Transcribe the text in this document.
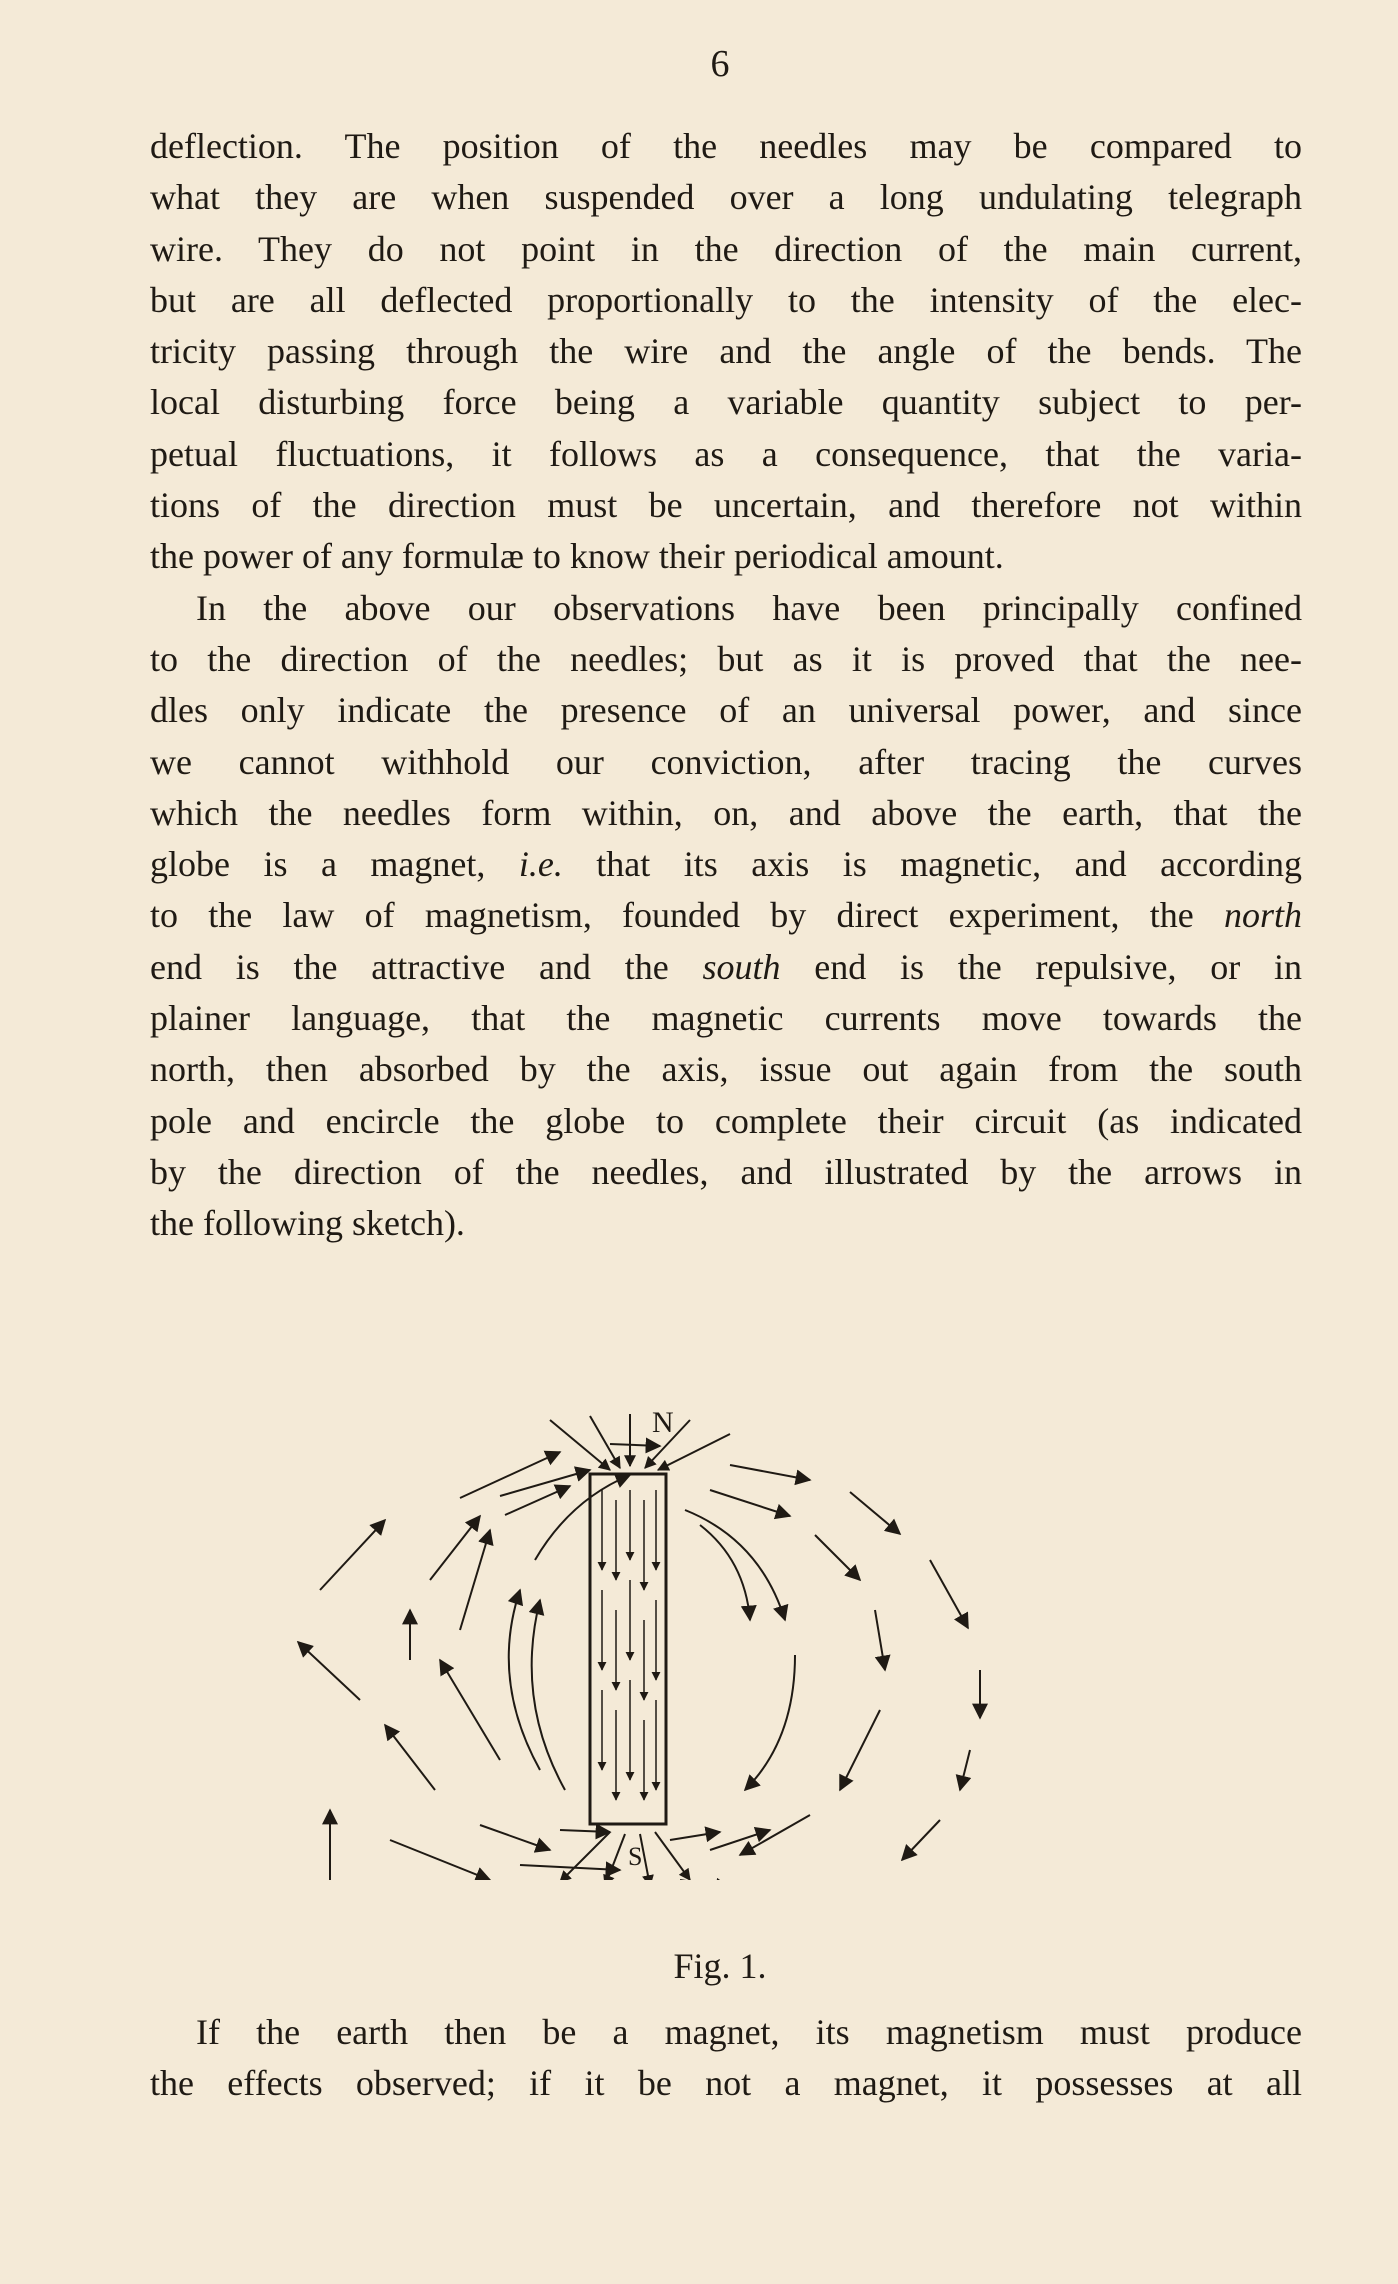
6
deflection. The position of the needles may be compared to
what they are when suspended over a long undulating telegraph
wire. They do not point in the direction of the main current,
but are all deflected proportionally to the intensity of the elec-
tricity passing through the wire and the angle of the bends. The
local disturbing force being a variable quantity subject to per-
petual fluctuations, it follows as a consequence, that the varia-
tions of the direction must be uncertain, and therefore not within
the power of any formulæ to know their periodical amount.
In the above our observations have been principally confined
to the direction of the needles; but as it is proved that the nee-
dles only indicate the presence of an universal power, and since
we cannot withhold our conviction, after tracing the curves
which the needles form within, on, and above the earth, that the
globe is a magnet, i.e. that its axis is magnetic, and according
to the law of magnetism, founded by direct experiment, the north
end is the attractive and the south end is the repulsive, or in
plainer language, that the magnetic currents move towards the
north, then absorbed by the axis, issue out again from the south
pole and encircle the globe to complete their circuit (as indicated
by the direction of the needles, and illustrated by the arrows in
the following sketch).
N
S
Fig. 1.
If the earth then be a magnet, its magnetism must produce
the effects observed; if it be not a magnet, it possesses at all
